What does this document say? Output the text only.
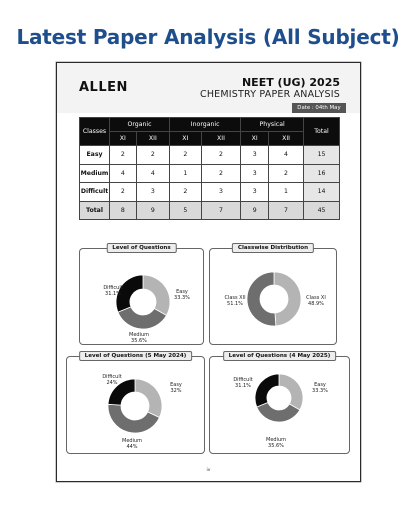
Latest Paper Analysis (All Subject)
ALLEN	NEET (UG) 2025
CHEMISTRY PAPER ANALYSIS
Date : 04th May
Classes	Organic		Inorganic		Physical		Total
	XI	XII	XI	XII	XI	XII	
Easy	2	2	2	2	3	4	15
Medium	4	4	1	2	3	2	16
Difficult	2	3	2	3	3	1	14
Total	8	9	5	7	9	7	45
Level of Questions
Difficult
31.1%	Easy
33.3%
Medium
35.6%
Classwise Distribution
Class XII
51.1%
Class XI
48.9%
Level of Questions (5 May 2024)
Difficult
24%	Easy
32%
Medium
44%
Level of Questions (4 May 2025)
Difficult
31.1%	Easy
33.3%
Medium
35.6%
iv
